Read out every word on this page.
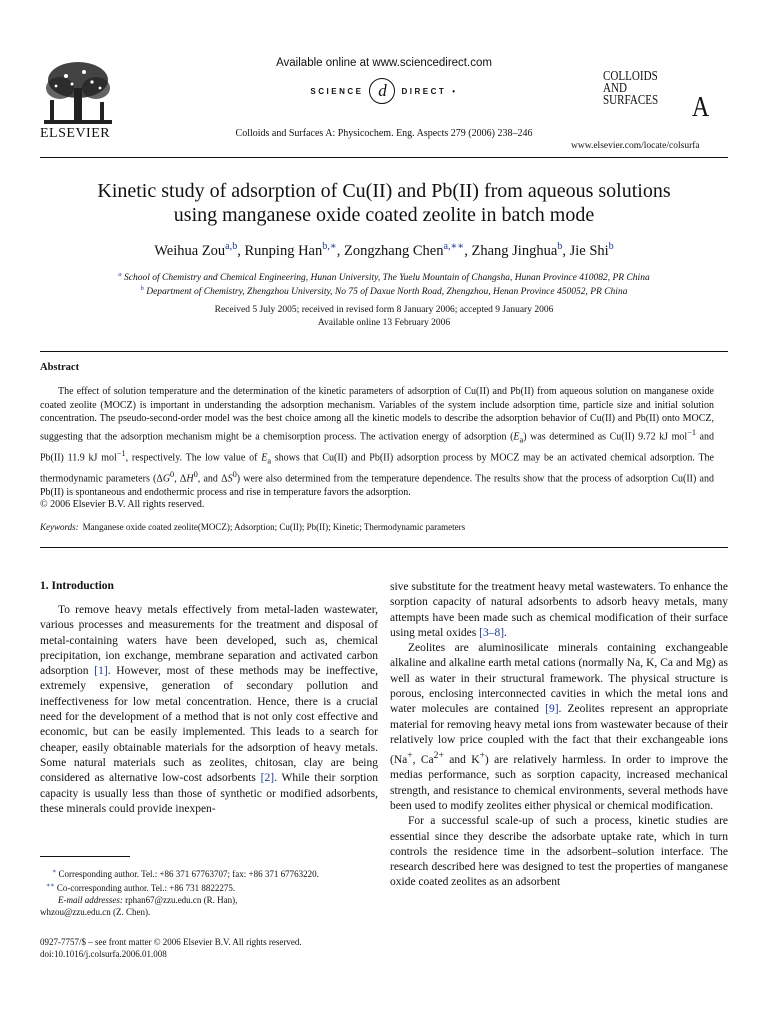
ELSEVIER
Available online at www.sciencedirect.com
SCIENCE d	DIRECT •
Colloids and Surfaces A: Physicochem. Eng. Aspects 279 (2006) 238–246
COLLOIDS
AND
SURFACES A
www.elsevier.com/locate/colsurfa
Kinetic study of adsorption of Cu(II) and Pb(II) from aqueous solutions
using manganese oxide coated zeolite in batch mode
Weihua Zou$^{a,b}$, Runping Han$^{b,∗}$, Zongzhang Chen$^{a,∗∗}$, Zhang Jinghua$^b$, Jie Shi$^b$
$^a$ School of Chemistry and Chemical Engineering, Hunan University, The Yuelu Mountain of Changsha, Hunan Province 410082, PR China
$^b$ Department of Chemistry, Zhengzhou University, No 75 of Daxue North Road, Zhengzhou, Henan Province 450052, PR China
Received 5 July 2005; received in revised form 8 January 2006; accepted 9 January 2006
Available online 13 February 2006
Abstract
The effect of solution temperature and the determination of the kinetic parameters of adsorption of Cu(II) and Pb(II) from aqueous solution on manganese oxide coated zeolite (MOCZ) is important in understanding the adsorption mechanism. Variables of the system include adsorption time, particle size and initial solution concentration. The pseudo-second-order model was the best choice among all the kinetic models to describe the adsorption behavior of Cu(II) and Pb(II) onto MOCZ, suggesting that the adsorption mechanism might be a chemisorption process. The activation energy of adsorption $(E_a)$ was determined as Cu(II) 9.72 kJ mol$^{-1}$ and Pb(II) 11.9 kJ mol$^{-1}$, respectively. The low value of $E_a$ shows that Cu(II) and Pb(II) adsorption process by MOCZ may be an activated chemical adsorption. The thermodynamic parameters ($\Delta G^0$, $\Delta H^0$, and $\Delta S^0$) were also determined from the temperature dependence. The results show that the process of adsorption Cu(II) and Pb(II) is spontaneous and endothermic process and rise in temperature favors the adsorption.
© 2006 Elsevier B.V. All rights reserved.
Keywords: Manganese oxide coated zeolite(MOCZ); Adsorption; Cu(II); Pb(II); Kinetic; Thermodynamic parameters
1. Introduction

To remove heavy metals effectively from metal-laden wastewater, various processes and measurements for the treatment and disposal of metal-containing waters have been developed, such as, chemical precipitation, ion exchange, membrane separation and activated carbon adsorption [1]. However, most of these methods may be ineffective, extremely expensive, generation of secondary pollution and ineffectiveness for low metal concentration. Hence, there is a crucial need for the development of a method that is not only cost effective and economic, but can be easily implemented. This leads to a search for cheaper, easily obtainable materials for the adsorption of heavy metals. Some natural materials such as zeolites, chitosan, clay are being considered as alternative low-cost adsorbents [2]. While their sorption capacity is usually less than those of synthetic or modified adsorbents, these minerals could provide inexpen-

sive substitute for the treatment heavy metal wastewaters. To enhance the sorption capacity of natural adsorbents to adsorb heavy metals, many attempts have been made such as chemical modification of their surface using metal oxides [3–8].

Zeolites are aluminosilicate minerals containing exchangeable alkaline and alkaline earth metal cations (normally Na, K, Ca and Mg) as well as water in their structural framework. The physical structure is porous, enclosing interconnected cavities in which the metal ions and water molecules are contained [9]. Zeolites represent an appropriate material for removing heavy metal ions from wastewater because of their relatively low price coupled with the fact that their exchangeable ions (Na+, $Ca^{2+}$ and K+) are relatively harmless. In order to improve the medias performance, such as sorption capacity, increased mechanical strength, and resistance to chemical environments, several methods have been used to modify zeolites either physical or chemical modification.

For a successful scale-up of such a process, kinetic studies are essential since they describe the adsorbate uptake rate, which in turn controls the residence time in the adsorbent–solution interface. The research described here was designed to test the properties of manganese oxide coated zeolites as an adsorbent

∗ Corresponding author. Tel.: +86 371 67763707; fax: +86 371 67763220.
∗∗ Co-corresponding author. Tel.: +86 731 8822275.
E-mail addresses: rphan67@zzu.edu.cn (R. Han),
whzou@zzu.edu.cn (Z. Chen).
0927-7757/$ – see front matter © 2006 Elsevier B.V. All rights reserved.
doi:10.1016/j.colsurfa.2006.01.008
